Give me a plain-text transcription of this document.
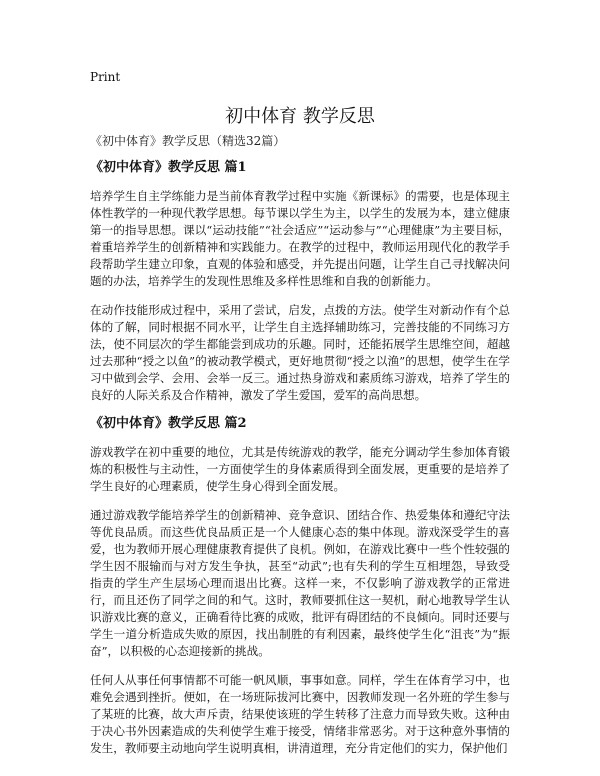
Print
初中体育 教学反思
《初中体育》教学反思（精选32篇）
《初中体育》教学反思 篇1

培养学生自主学练能力是当前体育教学过程中实施《新课标》的需要，也是体现主体性教学的一种现代教学思想。每节课以学生为主，以学生的发展为本，建立健康第一的指导思想。课以“运动技能”“社会适应”“运动参与”“心理健康”为主要目标，着重培养学生的创新精神和实践能力。在教学的过程中，教师运用现代化的教学手段帮助学生建立印象，直观的体验和感受，并先提出问题，让学生自己寻找解决问题的办法，培养学生的发现性思维及多样性思维和自我的创新能力。

在动作技能形成过程中，采用了尝试，启发，点拨的方法。使学生对新动作有个总体的了解，同时根据不同水平，让学生自主选择辅助练习，完善技能的不同练习方法，使不同层次的学生都能尝到成功的乐趣。同时，还能拓展学生思维空间，超越过去那种“授之以鱼”的被动教学模式，更好地贯彻“授之以渔”的思想，使学生在学习中做到会学、会用、会举一反三。通过热身游戏和素质练习游戏，培养了学生的良好的人际关系及合作精神，激发了学生爱国，爱军的高尚思想。

《初中体育》教学反思 篇2

游戏教学在初中重要的地位，尤其是传统游戏的教学，能充分调动学生参加体育锻炼的积极性与主动性，一方面使学生的身体素质得到全面发展，更重要的是培养了学生良好的心理素质，使学生身心得到全面发展。

通过游戏教学能培养学生的创新精神、竞争意识、团结合作、热爱集体和遵纪守法等优良品质。而这些优良品质正是一个人健康心态的集中体现。游戏深受学生的喜爱，也为教师开展心理健康教育提供了良机。例如，在游戏比赛中一些个性较强的学生因不服输而与对方发生争执，甚至“动武”;也有失利的学生互相埋怨，导致受指责的学生产生层场心理而退出比赛。这样一来，不仅影响了游戏教学的正常进行，而且还伤了同学之间的和气。这时，教师要抓住这一契机，耐心地教导学生认识游戏比赛的意义，正确看待比赛的成败，批评有碍团结的不良倾向。同时还要与学生一道分析造成失败的原因，找出制胜的有利因素，最终使学生化“沮丧”为“振奋”，以积极的心态迎接新的挑战。

任何人从事任何事情都不可能一帆风顺，事事如意。同样，学生在体育学习中，也难免会遇到挫折。便如，在一场班际拔河比赛中，因教师发现一名外班的学生参与了某班的比赛，故大声斥责，结果使该班的学生转移了注意力而导致失败。这种由于决心书外因素造成的失利使学生难于接受，情绪非常恶劣。对于这种意外事情的发生，教师要主动地向学生说明真相，讲清道理，充分肯定他们的实力，保护他们
